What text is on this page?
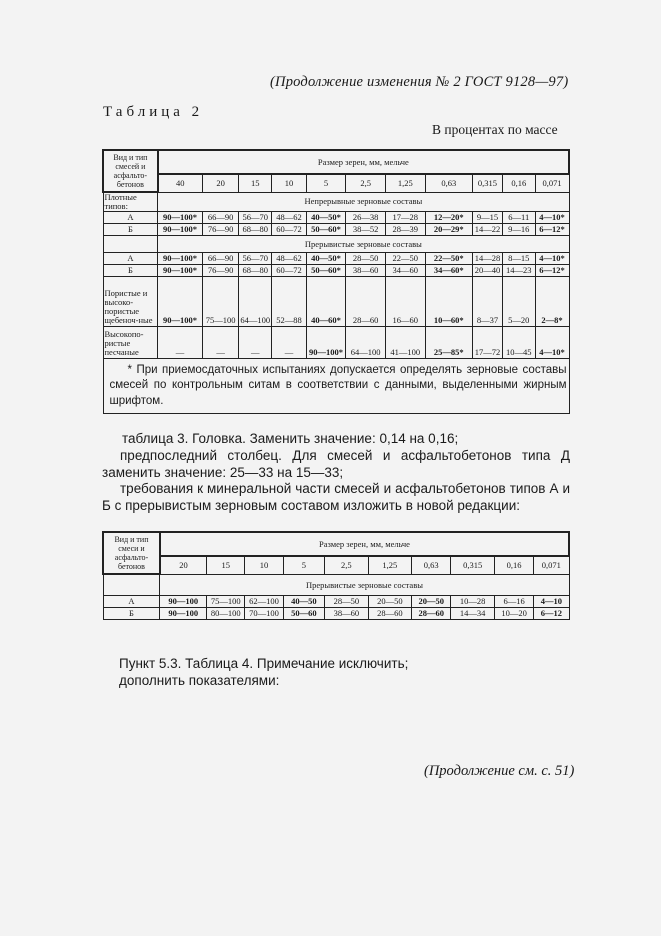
(Продолжение изменения № 2 ГОСТ 9128—97)
Таблица 2
В процентах по массе
Вид и тип смесей и асфальто-бетонов	Размер зерен, мм, мельче										
	40	20	15	10	5	2,5	1,25	0,63	0,315	0,16	0,071
Плотные типов:	Непрерывные зерновые составы										
А	90—100*	66—90	56—70	48—62	40—50*	26—38	17—28	12—20*	9—15	6—11	4—10*
Б	90—100*	76—90	68—80	60—72	50—60*	38—52	28—39	20—29*	14—22	9—16	6—12*
	Прерывистые зерновые составы										
А	90—100*	66—90	56—70	48—62	40—50*	28—50	22—50	22—50*	14—28	8—15	4—10*
Б	90—100*	76—90	68—80	60—72	50—60*	38—60	34—60	34—60*	20—40	14—23	6—12*
Пористые и высоко-пористые щебеноч-ные	90—100*	75—100	64—100	52—88	40—60*	28—60	16—60	10—60*	8—37	5—20	2—8*
Высокопо-ристые песчаные	—	—	—	—	90—100*	64—100	41—100	25—85*	17—72	10—45	4—10*
* При приемосдаточных испытаниях допускается определять зерновые составы смесей по контрольным ситам в соответствии с данными, выделенными жирным шрифтом.											
таблица 3. Головка. Заменить значение: 0,14 на 0,16;
предпоследний столбец. Для смесей и асфальтобетонов типа Д заменить значение: 25—33 на 15—33;
требования к минеральной части смесей и асфальтобетонов типов А и Б с прерывистым зерновым составом изложить в новой редакции:
Вид и тип смеси и асфальто-бетонов	Размер зерен, мм, мельче									
	20	15	10	5	2,5	1,25	0,63	0,315	0,16	0,071
	Прерывистые зерновые составы									
А	90—100	75—100	62—100	40—50	28—50	20—50	20—50	10—28	6—16	4—10
Б	90—100	80—100	70—100	50—60	38—60	28—60	28—60	14—34	10—20	6—12
Пункт 5.3. Таблица 4. Примечание исключить;
дополнить показателями:
(Продолжение см. с. 51)
